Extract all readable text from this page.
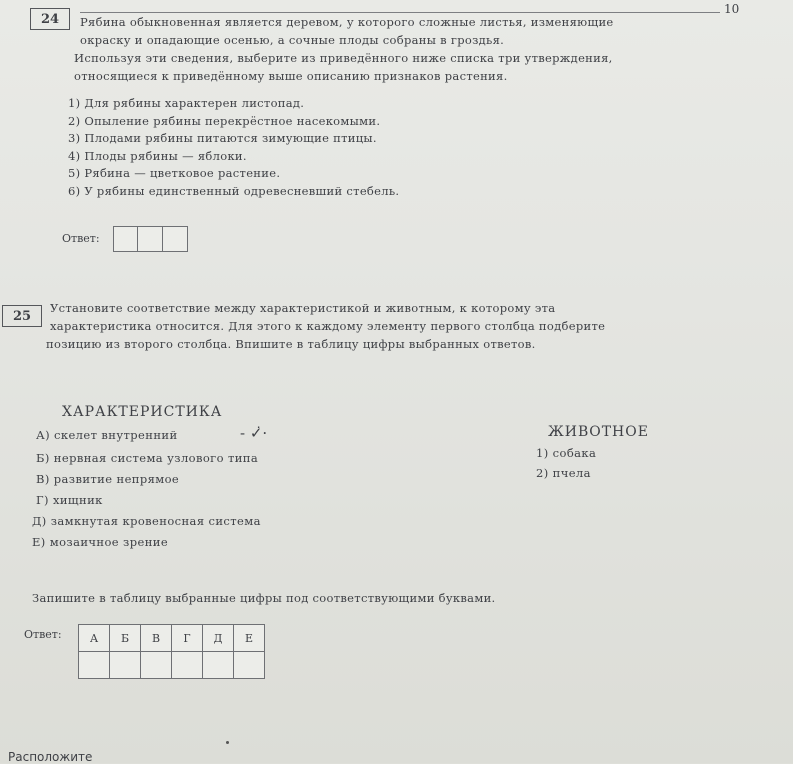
10
24	Рябина обыкновенная является деревом, у которого сложные листья, изменяющие
окраску и опадающие осенью, а сочные плоды собраны в гроздья.
Используя эти сведения, выберите из приведённого ниже списка три утверждения,
относящиеся к приведённому выше описанию признаков растения.
1) Для рябины характерен листопад.
2) Опыление рябины перекрёстное насекомыми.
3) Плодами рябины питаются зимующие птицы.
4) Плоды рябины — яблоки.
5) Рябина — цветковое растение.
6) У рябины единственный одревесневший стебель.
Ответ:
25
Установите соответствие между характеристикой и животным, к которому эта
характеристика относится. Для этого к каждому элементу первого столбца подберите
позицию из второго столбца. Впишите в таблицу цифры выбранных ответов.
ХАРАКТЕРИСТИКА
А) скелет внутренний
Б) нервная система узлового типа
В) развитие непрямое
Г) хищник
Д) замкнутая кровеносная система
Е) мозаичное зрение
- ✓̇·	ЖИВОТНОЕ
1) собака
2) пчела
Запишите в таблицу выбранные цифры под соответствующими буквами.
Ответ:	А	Б	В	Г	Д	Е

Расположите
